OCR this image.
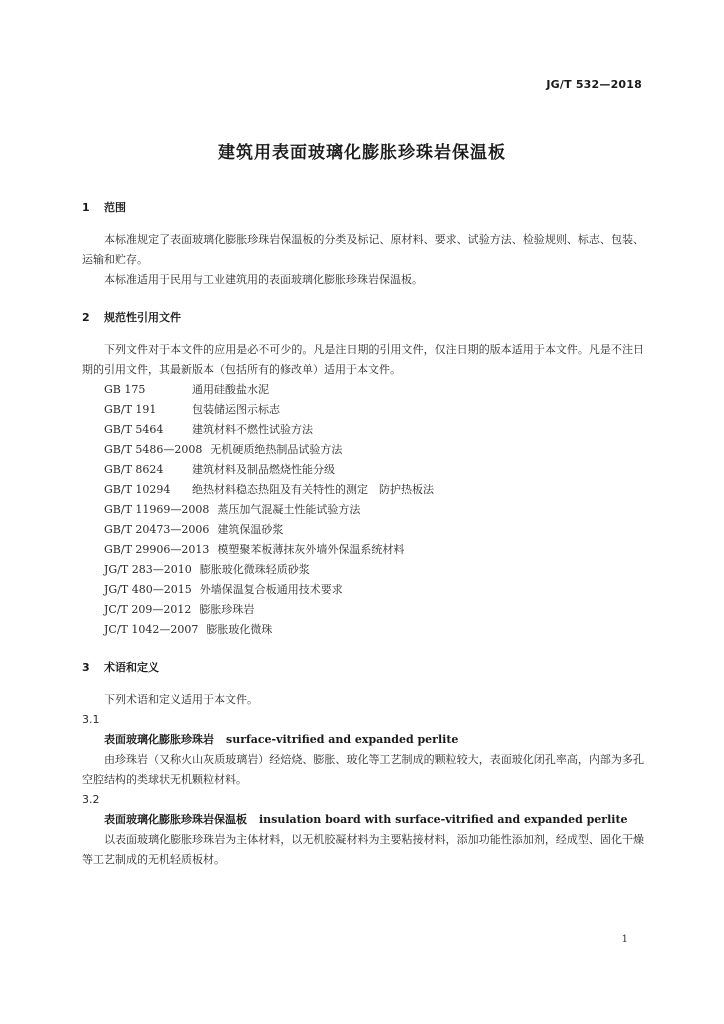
JG/T 532—2018
建筑用表面玻璃化膨胀珍珠岩保温板
1 范围
本标准规定了表面玻璃化膨胀珍珠岩保温板的分类及标记、原材料、要求、试验方法、检验规则、标志、包装、运输和贮存。
本标准适用于民用与工业建筑用的表面玻璃化膨胀珍珠岩保温板。
2 规范性引用文件
下列文件对于本文件的应用是必不可少的。凡是注日期的引用文件，仅注日期的版本适用于本文件。凡是不注日期的引用文件，其最新版本（包括所有的修改单）适用于本文件。
GB 175	通用硅酸盐水泥
GB/T 191	包装储运图示标志
GB/T 5464	建筑材料不燃性试验方法
GB/T 5486—2008 无机硬质绝热制品试验方法
GB/T 8624	建筑材料及制品燃烧性能分级
GB/T 10294 绝热材料稳态热阻及有关特性的测定　防护热板法
GB/T 11969—2008 蒸压加气混凝土性能试验方法
GB/T 20473—2006 建筑保温砂浆
GB/T 29906—2013 模塑聚苯板薄抹灰外墙外保温系统材料
JG/T 283—2010 膨胀玻化微珠轻质砂浆
JG/T 480—2015 外墙保温复合板通用技术要求
JC/T 209—2012 膨胀珍珠岩
JC/T 1042—2007 膨胀玻化微珠
3 术语和定义
下列术语和定义适用于本文件。
3.1
表面玻璃化膨胀珍珠岩 surface-vitrified and expanded perlite
由珍珠岩（又称火山灰质玻璃岩）经焙烧、膨胀、玻化等工艺制成的颗粒较大，表面玻化闭孔率高，内部为多孔空腔结构的类球状无机颗粒材料。
3.2
表面玻璃化膨胀珍珠岩保温板 insulation board with surface-vitrified and expanded perlite
以表面玻璃化膨胀珍珠岩为主体材料，以无机胶凝材料为主要粘接材料，添加功能性添加剂，经成型、固化干燥等工艺制成的无机轻质板材。
1
